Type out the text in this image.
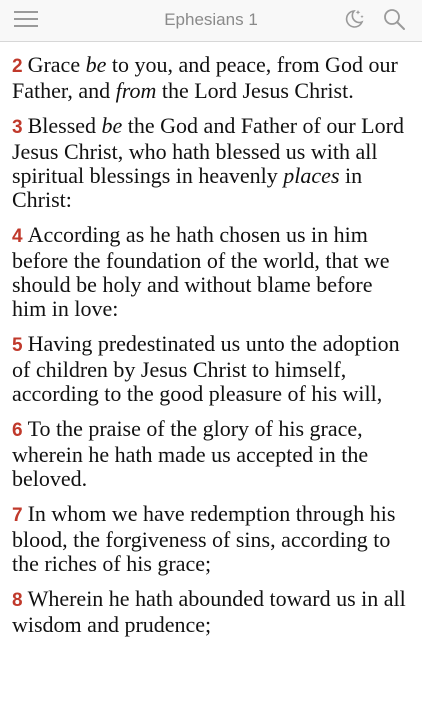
Ephesians 1

2 Grace be to you, and peace, from God our Father, and from the Lord Jesus Christ.

3 Blessed be the God and Father of our Lord Jesus Christ, who hath blessed us with all spiritual blessings in heavenly places in Christ:

4 According as he hath chosen us in him before the foundation of the world, that we should be holy and without blame before him in love:

5 Having predestinated us unto the adoption of children by Jesus Christ to himself, according to the good pleasure of his will,

6 To the praise of the glory of his grace, wherein he hath made us accepted in the beloved.

7 In whom we have redemption through his blood, the forgiveness of sins, according to the riches of his grace;

8 Wherein he hath abounded toward us in all wisdom and prudence;
